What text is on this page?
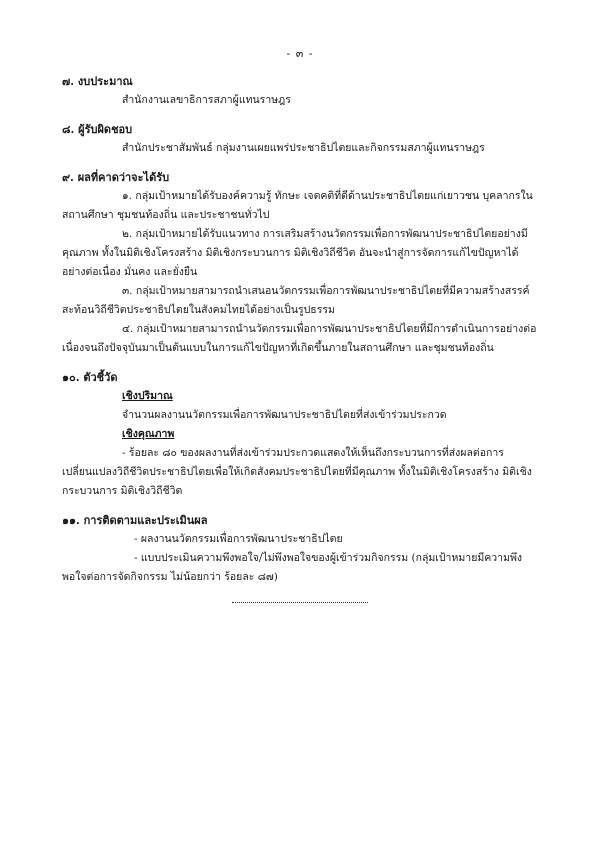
- ๓ -
๗. งบประมาณ
สำนักงานเลขาธิการสภาผู้แทนราษฎร
๘. ผู้รับผิดชอบ
สำนักประชาสัมพันธ์ กลุ่มงานเผยแพร่ประชาธิปไตยและกิจกรรมสภาผู้แทนราษฎร
๙. ผลที่คาดว่าจะได้รับ
๑. กลุ่มเป้าหมายได้รับองค์ความรู้ ทักษะ เจตคติที่ดีด้านประชาธิปไตยแก่เยาวชน บุคลากรในสถานศึกษา ชุมชนท้องถิ่น และประชาชนทั่วไป
๒. กลุ่มเป้าหมายได้รับแนวทาง การเสริมสร้างนวัตกรรมเพื่อการพัฒนาประชาธิปไตยอย่างมีคุณภาพ ทั้งในมิติเชิงโครงสร้าง มิติเชิงกระบวนการ มิติเชิงวิถีชีวิต อันจะนำสู่การจัดการแก้ไขปัญหาได้อย่างต่อเนื่อง มั่นคง และยั่งยืน
๓. กลุ่มเป้าหมายสามารถนำเสนอนวัตกรรมเพื่อการพัฒนาประชาธิปไตยที่มีความสร้างสรรค์สะท้อนวิถีชีวิตประชาธิปไตยในสังคมไทยได้อย่างเป็นรูปธรรม
๔. กลุ่มเป้าหมายสามารถนำนวัตกรรมเพื่อการพัฒนาประชาธิปไตยที่มีการดำเนินการอย่างต่อเนื่องจนถึงปัจจุบันมาเป็นต้นแบบในการแก้ไขปัญหาที่เกิดขึ้นภายในสถานศึกษา และชุมชนท้องถิ่น
๑๐. ตัวชี้วัด
เชิงปริมาณ
จำนวนผลงานนวัตกรรมเพื่อการพัฒนาประชาธิปไตยที่ส่งเข้าร่วมประกวด
เชิงคุณภาพ
- ร้อยละ ๘๐ ของผลงานที่ส่งเข้าร่วมประกวดแสดงให้เห็นถึงกระบวนการที่ส่งผลต่อการเปลี่ยนแปลงวิถีชีวิตประชาธิปไตยเพื่อให้เกิดสังคมประชาธิปไตยที่มีคุณภาพ ทั้งในมิติเชิงโครงสร้าง มิติเชิงกระบวนการ มิติเชิงวิถีชีวิต
๑๑. การติดตามและประเมินผล
- ผลงานนวัตกรรมเพื่อการพัฒนาประชาธิปไตย
- แบบประเมินความพึงพอใจ/ไม่พึงพอใจของผู้เข้าร่วมกิจกรรม (กลุ่มเป้าหมายมีความพึงพอใจต่อการจัดกิจกรรม ไม่น้อยกว่า ร้อยละ ๘๗)
